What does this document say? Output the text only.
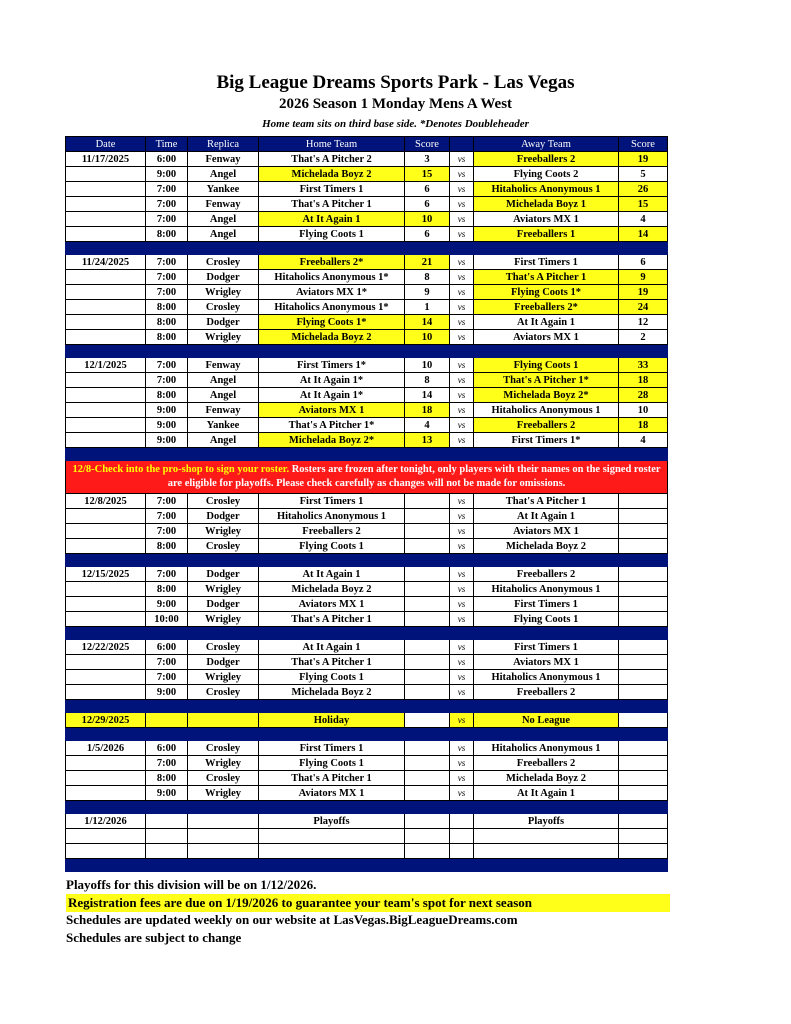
Big League Dreams Sports Park - Las Vegas
2026 Season 1 Monday Mens A West
Home team sits on third base side. *Denotes Doubleheader
Date	Time	Replica	Home Team	Score		Away Team	Score
11/17/2025	6:00	Fenway	That's A Pitcher 2	3	vs	Freeballers 2	19
	9:00	Angel	Michelada Boyz 2	15	vs	Flying Coots 2	5
	7:00	Yankee	First Timers 1	6	vs	Hitaholics Anonymous 1	26
	7:00	Fenway	That's A Pitcher 1	6	vs	Michelada Boyz 1	15
	7:00	Angel	At It Again 1	10	vs	Aviators MX 1	4
	8:00	Angel	Flying Coots 1	6	vs	Freeballers 1	14

11/24/2025	7:00	Crosley	Freeballers 2*	21	vs	First Timers 1	6
	7:00	Dodger	Hitaholics Anonymous 1*	8	vs	That's A Pitcher 1	9
	7:00	Wrigley	Aviators MX 1*	9	vs	Flying Coots 1*	19
	8:00	Crosley	Hitaholics Anonymous 1*	1	vs	Freeballers 2*	24
	8:00	Dodger	Flying Coots 1*	14	vs	At It Again 1	12
	8:00	Wrigley	Michelada Boyz 2	10	vs	Aviators MX 1	2

12/1/2025	7:00	Fenway	First Timers 1*	10	vs	Flying Coots 1	33
	7:00	Angel	At It Again 1*	8	vs	That's A Pitcher 1*	18
	8:00	Angel	At It Again 1*	14	vs	Michelada Boyz 2*	28
	9:00	Fenway	Aviators MX 1	18	vs	Hitaholics Anonymous 1	10
	9:00	Yankee	That's A Pitcher 1*	4	vs	Freeballers 2	18
	9:00	Angel	Michelada Boyz 2*	13	vs	First Timers 1*	4

12/8-Check into the pro-shop to sign your roster. Rosters are frozen after tonight, only players with their names on the signed roster are eligible for playoffs. Please check carefully as changes will not be made for omissions.							
12/8/2025	7:00	Crosley	First Timers 1		vs	That's A Pitcher 1	
	7:00	Dodger	Hitaholics Anonymous 1		vs	At It Again 1	
	7:00	Wrigley	Freeballers 2		vs	Aviators MX 1	
	8:00	Crosley	Flying Coots 1		vs	Michelada Boyz 2	

12/15/2025	7:00	Dodger	At It Again 1		vs	Freeballers 2	
	8:00	Wrigley	Michelada Boyz 2		vs	Hitaholics Anonymous 1	
	9:00	Dodger	Aviators MX 1		vs	First Timers 1	
	10:00	Wrigley	That's A Pitcher 1		vs	Flying Coots 1	

12/22/2025	6:00	Crosley	At It Again 1		vs	First Timers 1	
	7:00	Dodger	That's A Pitcher 1		vs	Aviators MX 1	
	7:00	Wrigley	Flying Coots 1		vs	Hitaholics Anonymous 1	
	9:00	Crosley	Michelada Boyz 2		vs	Freeballers 2	

12/29/2025			Holiday		vs	No League	

1/5/2026	6:00	Crosley	First Timers 1		vs	Hitaholics Anonymous 1	
	7:00	Wrigley	Flying Coots 1		vs	Freeballers 2	
	8:00	Crosley	That's A Pitcher 1		vs	Michelada Boyz 2	
	9:00	Wrigley	Aviators MX 1		vs	At It Again 1	

1/12/2026			Playoffs			Playoffs	

Playoffs for this division will be on 1/12/2026.
Registration fees are due on 1/19/2026 to guarantee your team's spot for next season
Schedules are updated weekly on our website at LasVegas.BigLeagueDreams.com
Schedules are subject to change
